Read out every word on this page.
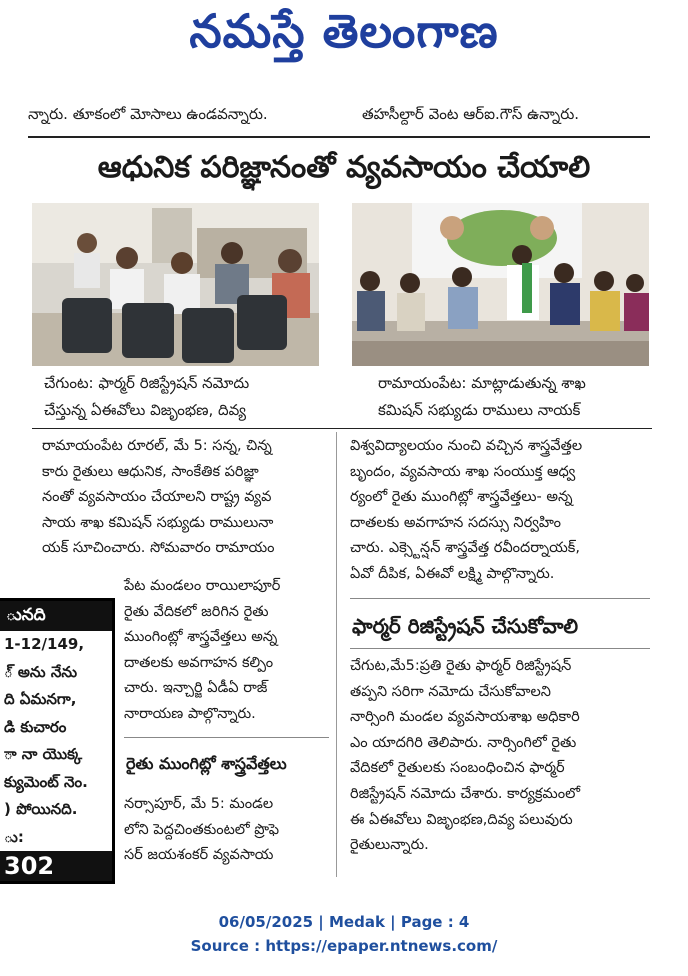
నమస్తే తెలంగాణ
న్నారు. తూకంలో మోసాలు ఉండవన్నారు.	తహసీల్దార్ వెంట ఆర్ఐ.గౌస్ ఉన్నారు.
ఆధునిక పరిజ్ఞానంతో వ్యవసాయం చేయాలి
చేగుంట: ఫార్మర్ రిజిస్ట్రేషన్ నమోదు
చేస్తున్న ఏఈవోలు విజృంభణ, దివ్య
రామాయంపేట: మాట్లాడుతున్న శాఖ
కమిషన్ సభ్యుడు రాములు నాయక్
రామాయంపేట రూరల్, మే 5: సన్న, చిన్న
కారు రైతులు ఆధునిక, సాంకేతిక పరిజ్ఞా
నంతో వ్యవసాయం చేయాలని రాష్ట్ర వ్యవ
సాయ శాఖ కమిషన్ సభ్యుడు రాములునా
యక్ సూచించారు. సోమవారం రామాయం
ునది
1-12/149,
్ అను నేను
ది ఏమనగా,
డి కుచారం
ా నా యొక్క
క్యుమెంట్ నెం.
) పోయినది.
ు:
302
పేట మండలం రాయిలాపూర్
రైతు వేదికలో జరిగిన రైతు
ముంగింట్లో శాస్త్రవేత్తలు అన్న
దాతలకు అవగాహన కల్పిం
చారు. ఇన్చార్జి ఏడీఏ రాజ్
నారాయణ పాల్గొన్నారు.
రైతు ముంగిట్లో శాస్త్రవేత్తలు
నర్సాపూర్, మే 5: మండల
లోని పెద్దచింతకుంటలో ప్రొఫె
సర్ జయశంకర్ వ్యవసాయ
విశ్వవిద్యాలయం నుంచి వచ్చిన శాస్త్రవేత్తల
బృందం, వ్యవసాయ శాఖ సంయుక్త ఆధ్వ
ర్యంలో రైతు ముంగిట్లో శాస్త్రవేత్తలు- అన్న
దాతలకు అవగాహన సదస్సు నిర్వహిం
చారు. ఎక్స్టెన్షన్ శాస్త్రవేత్త రవీందర్నాయక్,
ఏవో దీపిక, ఏఈవో లక్ష్మి పాల్గొన్నారు.
ఫార్మర్ రిజిస్ట్రేషన్ చేసుకోవాలి
చేగుట,మే5:ప్రతి రైతు ఫార్మర్ రిజిస్ట్రేషన్
తప్పని సరిగా నమోదు చేసుకోవాలని
నార్సింగి మండల వ్యవసాయశాఖ అధికారి
ఎం యాదగిరి తెలిపారు. నార్సింగిలో రైతు
వేదికలో రైతులకు సంబంధించిన ఫార్మర్
రిజిస్ట్రేషన్ నమోదు చేశారు. కార్యక్రమంలో
ఈ ఏఈవోలు విజృంభణ,దివ్య పలువురు
రైతులున్నారు.
06/05/2025 | Medak | Page : 4
Source : https://epaper.ntnews.com/
